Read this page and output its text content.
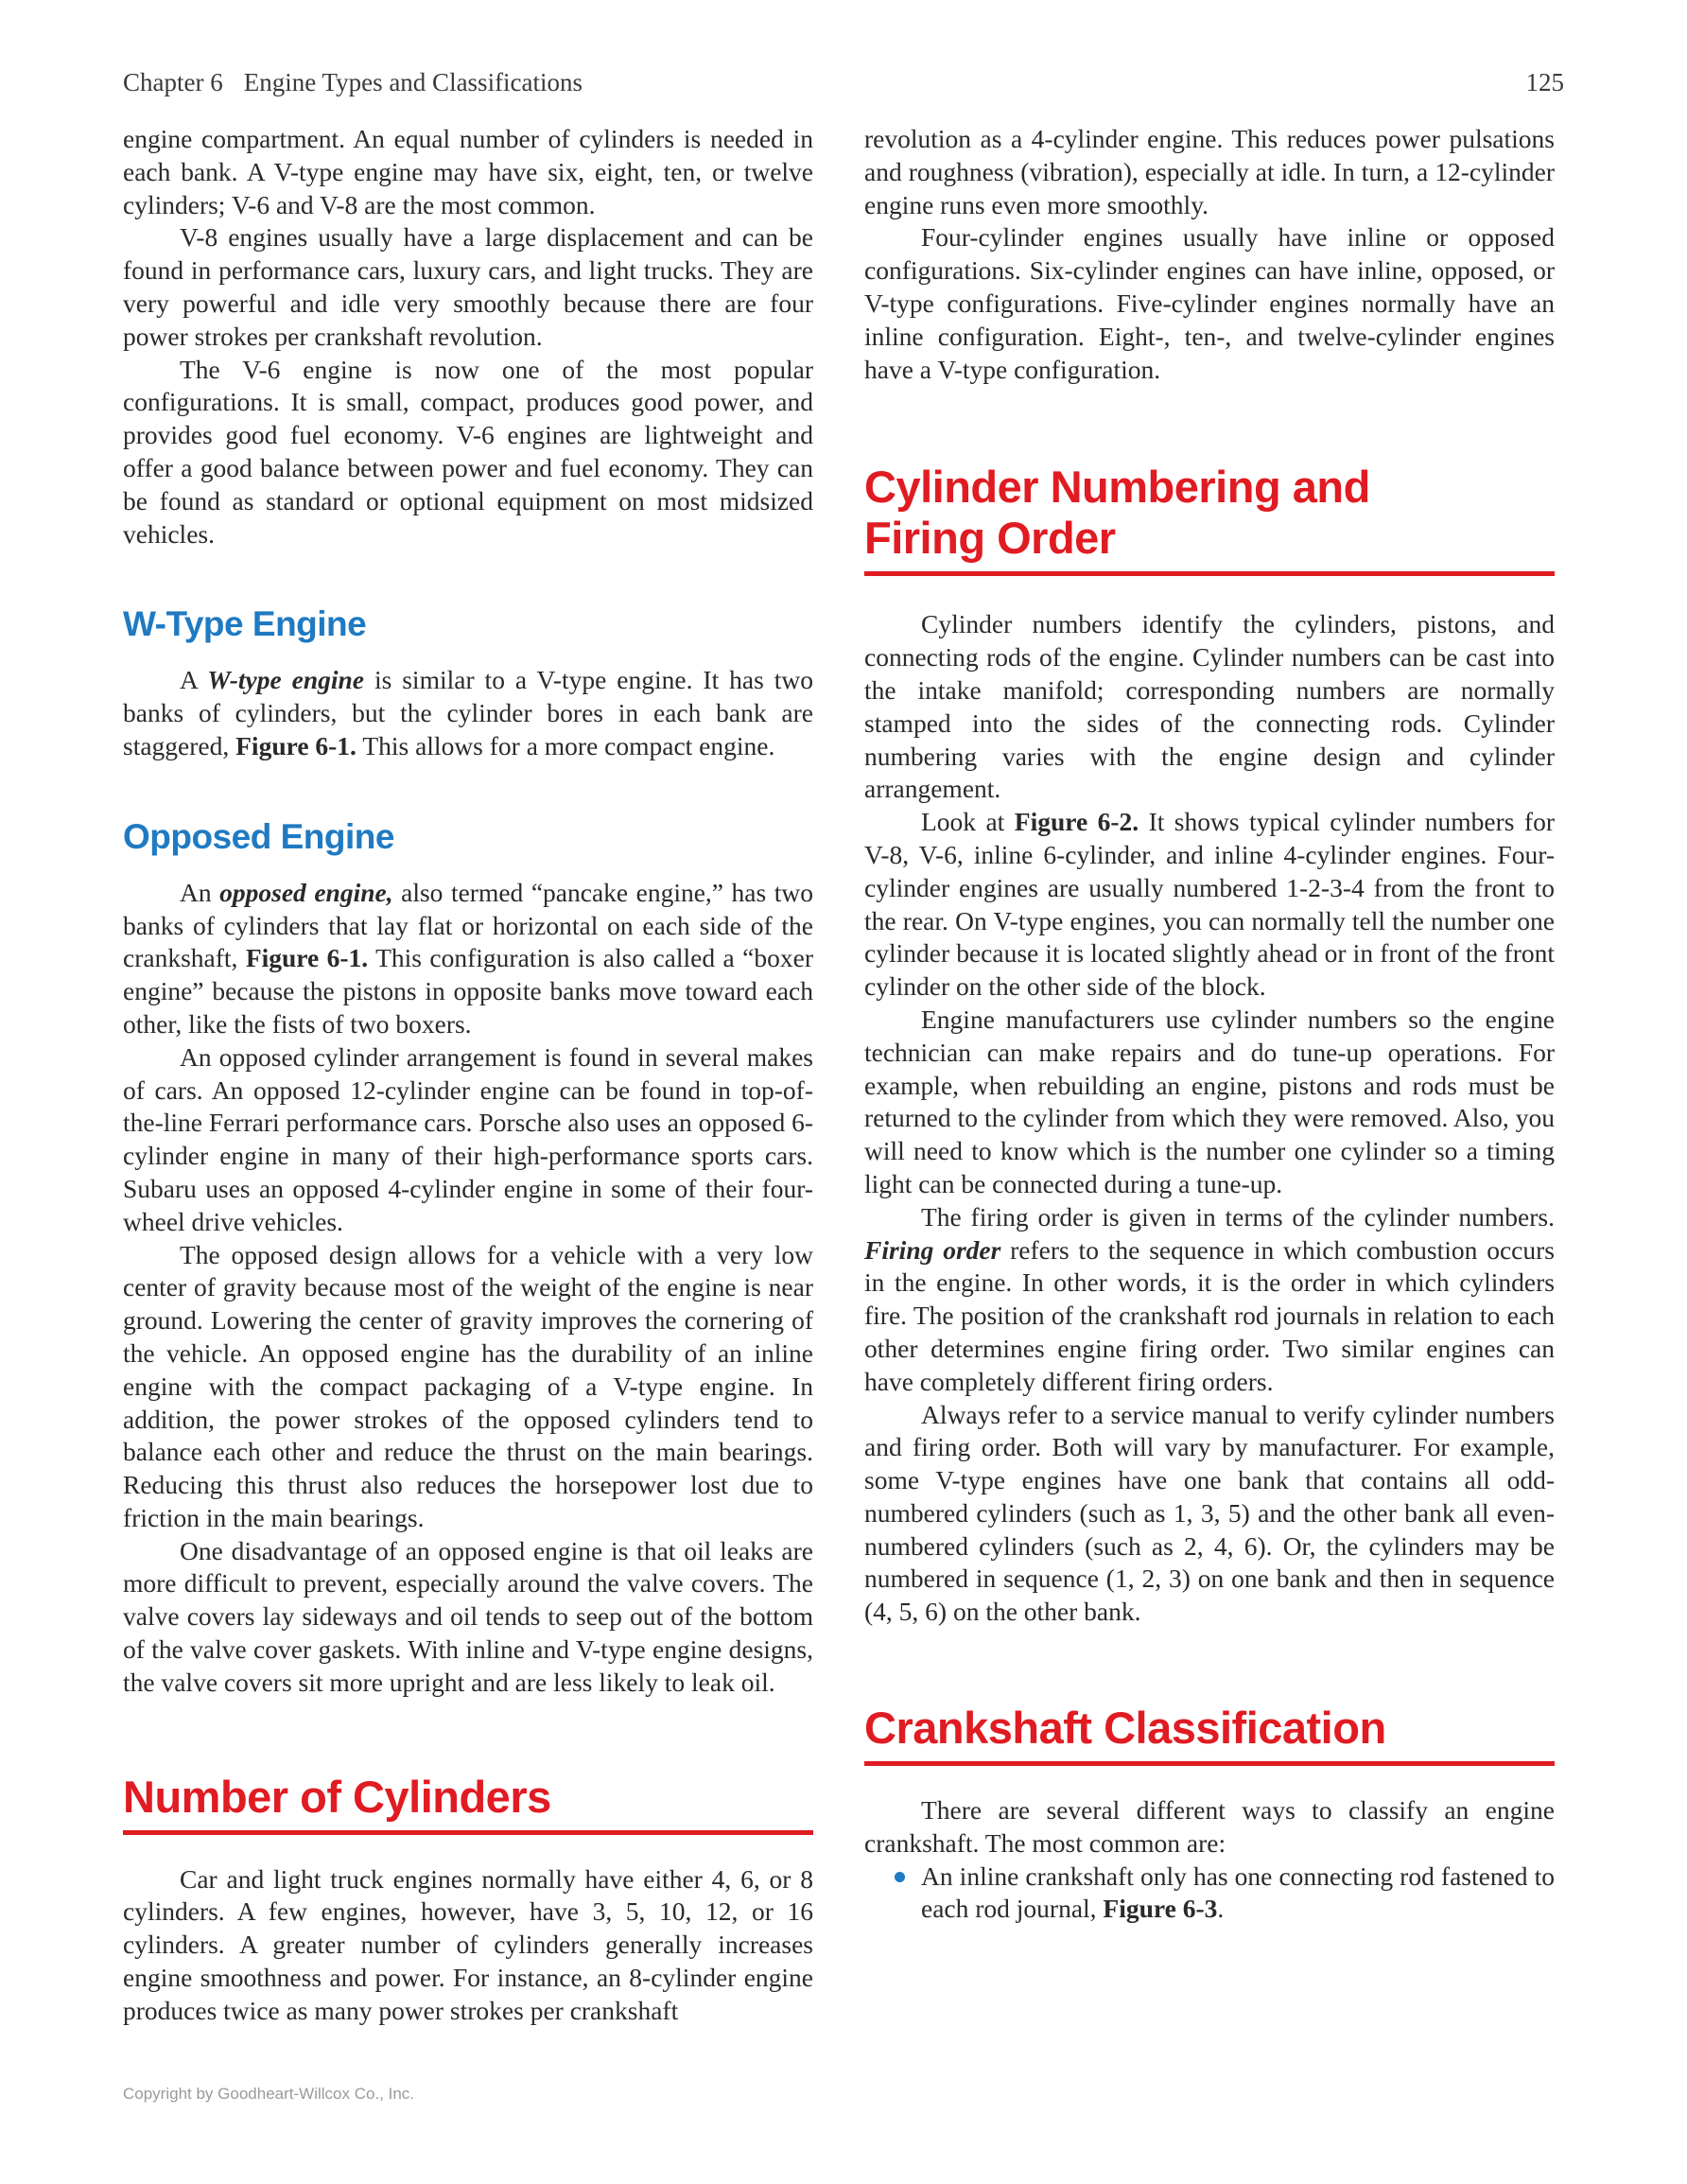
Chapter 6 Engine Types and Classifications	125

engine compartment. An equal number of cylinders is needed in each bank. A V-type engine may have six, eight, ten, or twelve cylinders; V-6 and V-8 are the most common.

V-8 engines usually have a large displacement and can be found in performance cars, luxury cars, and light trucks. They are very powerful and idle very smoothly because there are four power strokes per crankshaft revolution.

The V-6 engine is now one of the most popular configurations. It is small, compact, produces good power, and provides good fuel economy. V-6 engines are lightweight and offer a good balance between power and fuel economy. They can be found as standard or optional equipment on most midsized vehicles.

W-Type Engine

A W-type engine is similar to a V-type engine. It has two banks of cylinders, but the cylinder bores in each bank are staggered, Figure 6-1. This allows for a more compact engine.

Opposed Engine

An opposed engine, also termed “pancake engine,” has two banks of cylinders that lay flat or horizontal on each side of the crankshaft, Figure 6-1. This configuration is also called a “boxer engine” because the pistons in opposite banks move toward each other, like the fists of two boxers.

An opposed cylinder arrangement is found in several makes of cars. An opposed 12-cylinder engine can be found in top-of-the-line Ferrari performance cars. Porsche also uses an opposed 6-cylinder engine in many of their high-performance sports cars. Subaru uses an opposed 4-cylinder engine in some of their four-wheel drive vehicles.

The opposed design allows for a vehicle with a very low center of gravity because most of the weight of the engine is near ground. Lowering the center of gravity improves the cornering of the vehicle. An opposed engine has the durability of an inline engine with the compact packaging of a V-type engine. In addition, the power strokes of the opposed cylinders tend to balance each other and reduce the thrust on the main bearings. Reducing this thrust also reduces the horsepower lost due to friction in the main bearings.

One disadvantage of an opposed engine is that oil leaks are more difficult to prevent, especially around the valve covers. The valve covers lay sideways and oil tends to seep out of the bottom of the valve cover gaskets. With inline and V-type engine designs, the valve covers sit more upright and are less likely to leak oil.

Number of Cylinders

Car and light truck engines normally have either 4, 6, or 8 cylinders. A few engines, however, have 3, 5, 10, 12, or 16 cylinders. A greater number of cylinders generally increases engine smoothness and power. For instance, an 8-cylinder engine produces twice as many power strokes per crankshaft

revolution as a 4-cylinder engine. This reduces power pulsations and roughness (vibration), especially at idle. In turn, a 12-cylinder engine runs even more smoothly.

Four-cylinder engines usually have inline or opposed configurations. Six-cylinder engines can have inline, opposed, or V-type configurations. Five-cylinder engines normally have an inline configuration. Eight-, ten-, and twelve-cylinder engines have a V-type configuration.

Cylinder Numbering and
Firing Order

Cylinder numbers identify the cylinders, pistons, and connecting rods of the engine. Cylinder numbers can be cast into the intake manifold; corresponding numbers are normally stamped into the sides of the connecting rods. Cylinder numbering varies with the engine design and cylinder arrangement.

Look at Figure 6-2. It shows typical cylinder numbers for V-8, V-6, inline 6-cylinder, and inline 4-cylinder engines. Four-cylinder engines are usually numbered 1-2-3-4 from the front to the rear. On V-type engines, you can normally tell the number one cylinder because it is located slightly ahead or in front of the front cylinder on the other side of the block.

Engine manufacturers use cylinder numbers so the engine technician can make repairs and do tune-up operations. For example, when rebuilding an engine, pistons and rods must be returned to the cylinder from which they were removed. Also, you will need to know which is the number one cylinder so a timing light can be connected during a tune-up.

The firing order is given in terms of the cylinder numbers. Firing order refers to the sequence in which combustion occurs in the engine. In other words, it is the order in which cylinders fire. The position of the crankshaft rod journals in relation to each other determines engine firing order. Two similar engines can have completely different firing orders.

Always refer to a service manual to verify cylinder numbers and firing order. Both will vary by manufacturer. For example, some V-type engines have one bank that contains all odd-numbered cylinders (such as 1, 3, 5) and the other bank all even-numbered cylinders (such as 2, 4, 6). Or, the cylinders may be numbered in sequence (1, 2, 3) on one bank and then in sequence (4, 5, 6) on the other bank.

Crankshaft Classification

There are several different ways to classify an engine crankshaft. The most common are:

An inline crankshaft only has one connecting rod fastened to each rod journal, Figure 6-3.
Copyright by Goodheart-Willcox Co., Inc.
